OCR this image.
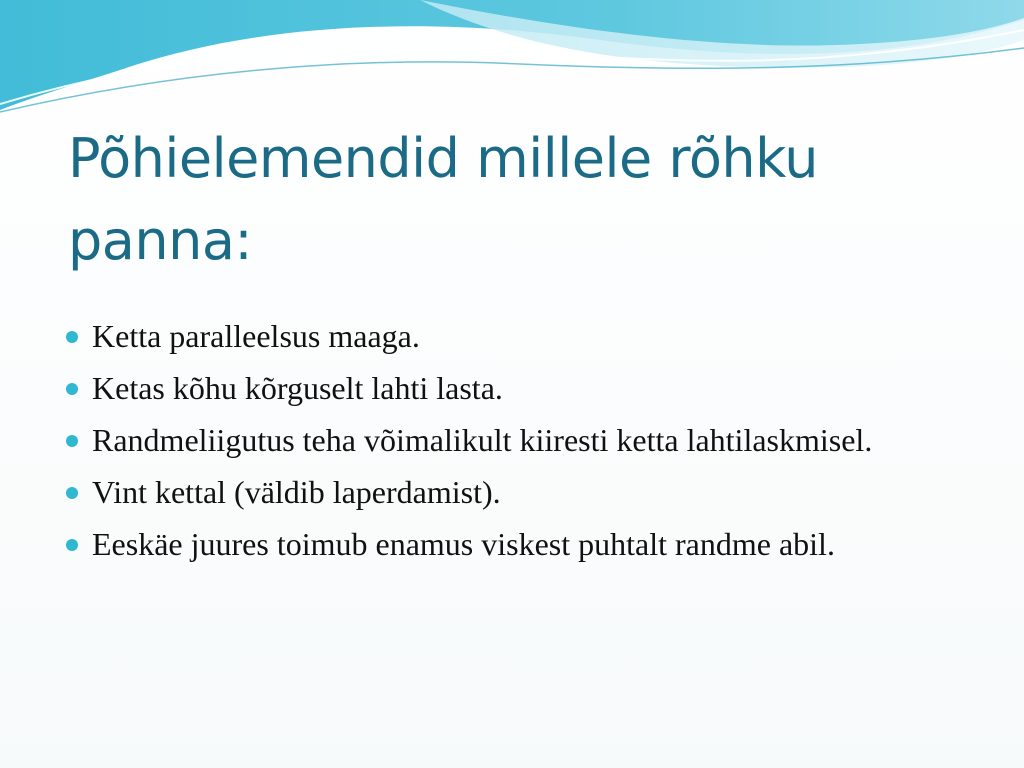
Põhielemendid millele rõhku panna:
Ketta paralleelsus maaga.
Ketas kõhu kõrguselt lahti lasta.
Randmeliigutus teha võimalikult kiiresti ketta lahtilaskmisel.
Vint kettal (väldib laperdamist).
Eeskäe juures toimub enamus viskest puhtalt randme abil.
